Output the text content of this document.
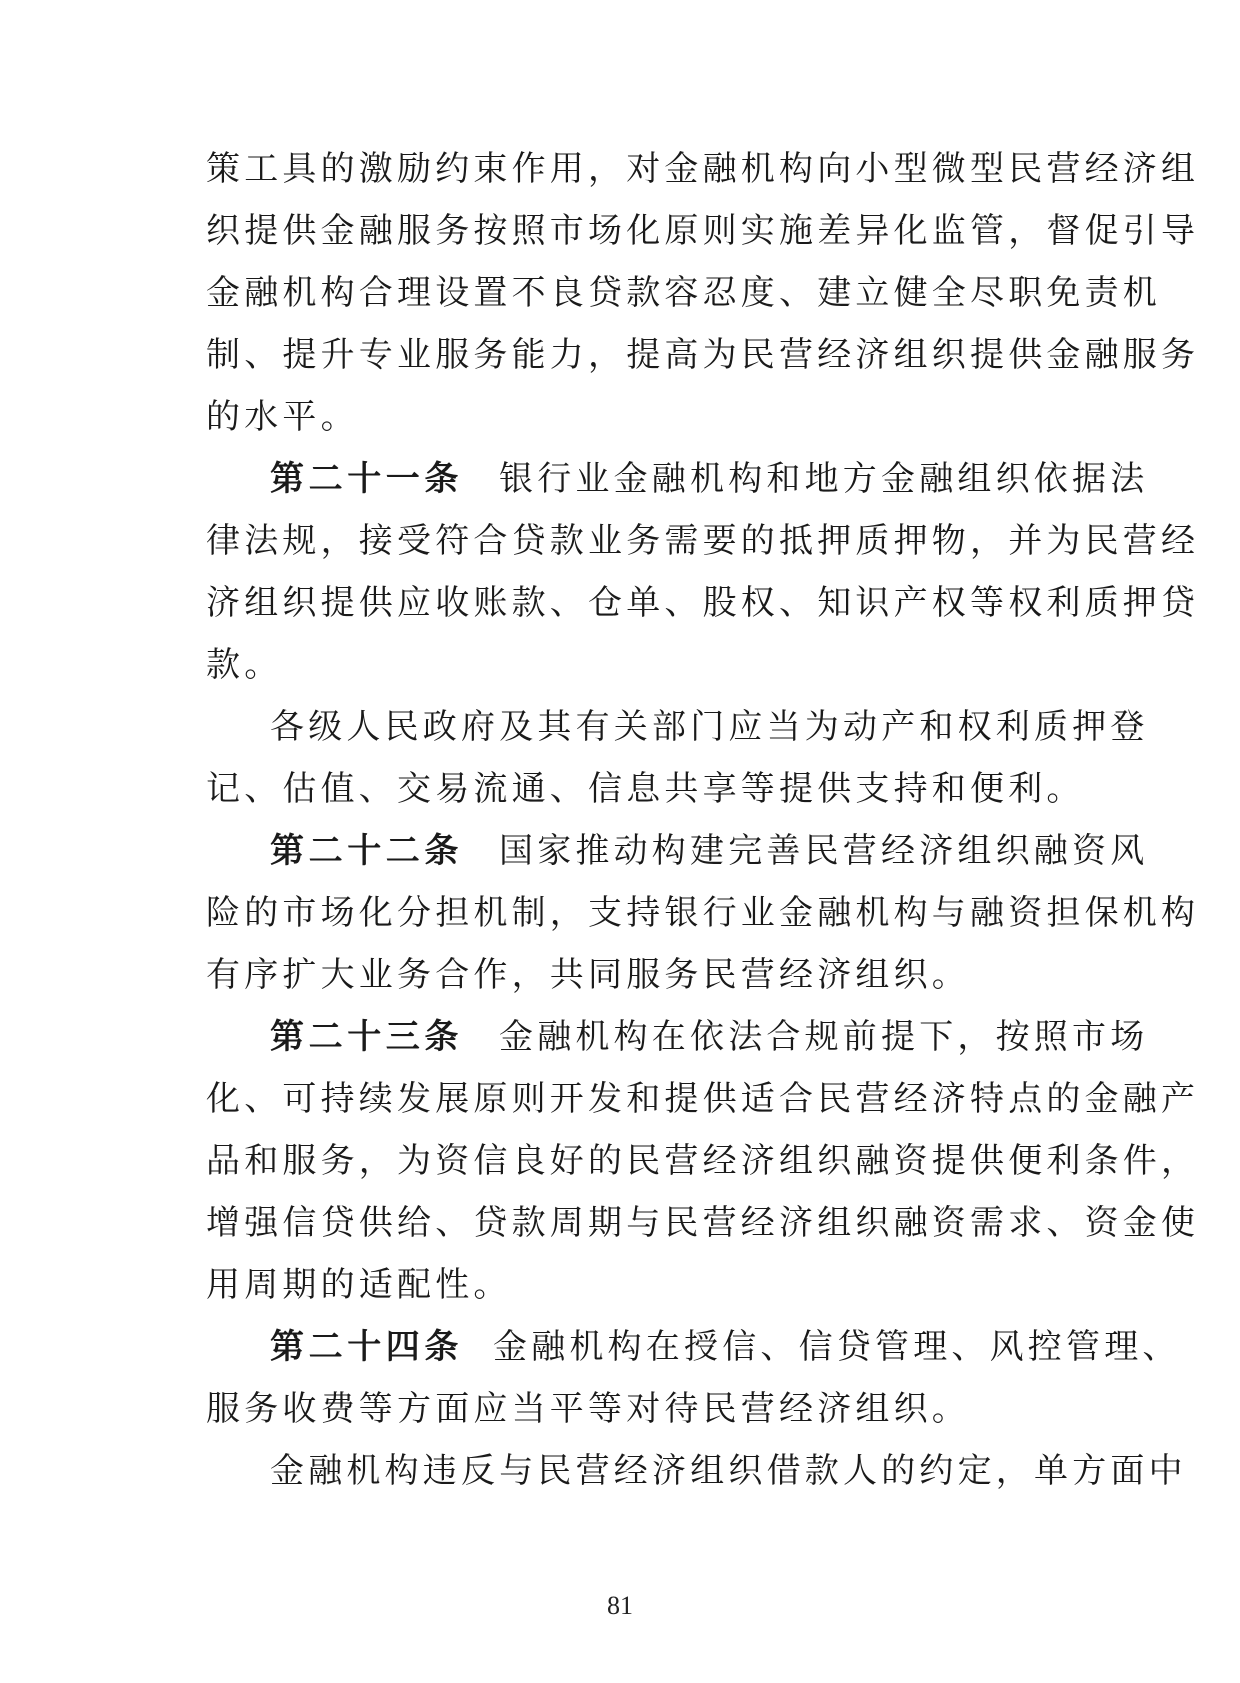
策工具的激励约束作用，对金融机构向小型微型民营经济组
织提供金融服务按照市场化原则实施差异化监管，督促引导
金融机构合理设置不良贷款容忍度、建立健全尽职免责机
制、提升专业服务能力，提高为民营经济组织提供金融服务
的水平。
第二十一条 银行业金融机构和地方金融组织依据法
律法规，接受符合贷款业务需要的抵押质押物，并为民营经
济组织提供应收账款、仓单、股权、知识产权等权利质押贷
款。
各级人民政府及其有关部门应当为动产和权利质押登
记、估值、交易流通、信息共享等提供支持和便利。
第二十二条 国家推动构建完善民营经济组织融资风
险的市场化分担机制，支持银行业金融机构与融资担保机构
有序扩大业务合作，共同服务民营经济组织。
第二十三条 金融机构在依法合规前提下，按照市场
化、可持续发展原则开发和提供适合民营经济特点的金融产
品和服务，为资信良好的民营经济组织融资提供便利条件，
增强信贷供给、贷款周期与民营经济组织融资需求、资金使
用周期的适配性。
第二十四条 金融机构在授信、信贷管理、风控管理、
服务收费等方面应当平等对待民营经济组织。
金融机构违反与民营经济组织借款人的约定，单方面中
81
